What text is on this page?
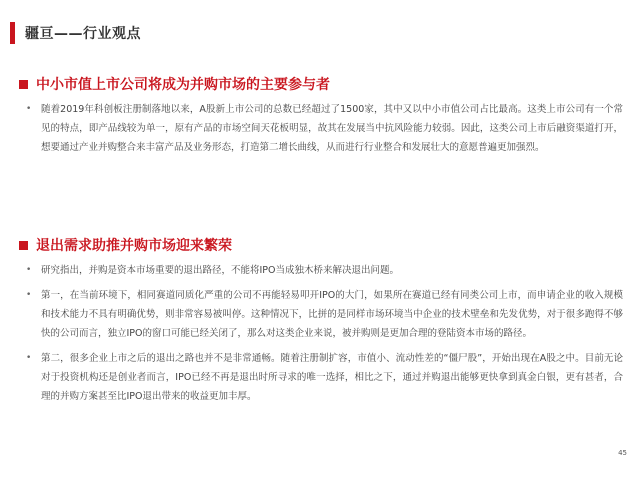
疆亘——行业观点
中小市值上市公司将成为并购市场的主要参与者
• 随着2019年科创板注册制落地以来，A股新上市公司的总数已经超过了1500家，其中又以中小市值公司占比最高。这类上市公司有一个常见的特点，即产品线较为单一，原有产品的市场空间天花板明显，故其在发展当中抗风险能力较弱。因此，这类公司上市后融资渠道打开，想要通过产业并购整合来丰富产品及业务形态，打造第二增长曲线，从而进行行业整合和发展壮大的意愿普遍更加强烈。
退出需求助推并购市场迎来繁荣
• 研究指出，并购是资本市场重要的退出路径，不能将IPO当成独木桥来解决退出问题。
• 第一，在当前环境下，相同赛道同质化严重的公司不再能轻易叩开IPO的大门，如果所在赛道已经有同类公司上市，而申请企业的收入规模和技术能力不具有明确优势，则非常容易被叫停。这种情况下，比拼的是同样市场环境当中企业的技术壁垒和先发优势，对于很多跑得不够快的公司而言，独立IPO的窗口可能已经关闭了，那么对这类企业来说，被并购则是更加合理的登陆资本市场的路径。
• 第二，很多企业上市之后的退出之路也并不是非常通畅。随着注册制扩容，市值小、流动性差的“僵尸股”，开始出现在A股之中。目前无论对于投资机构还是创业者而言，IPO已经不再是退出时所寻求的唯一选择，相比之下，通过并购退出能够更快拿到真金白银，更有甚者，合理的并购方案甚至比IPO退出带来的收益更加丰厚。
45
